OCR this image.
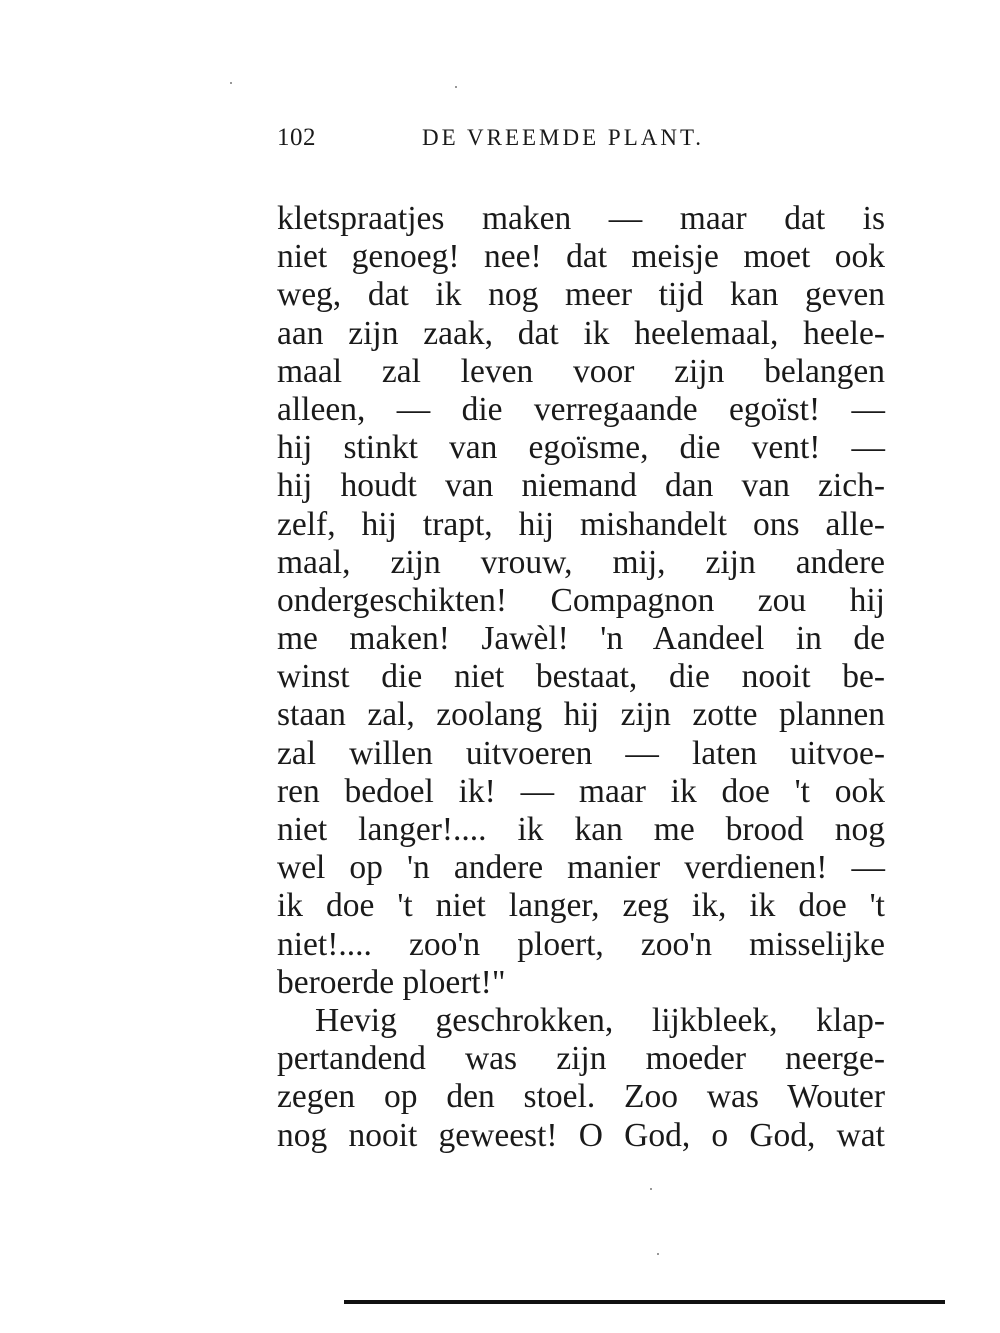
102	DE VREEMDE PLANT.
kletspraatjes maken — maar dat is
niet genoeg! nee! dat meisje moet ook
weg, dat ik nog meer tijd kan geven
aan zijn zaak, dat ik heelemaal, heele-
maal zal leven voor zijn belangen
alleen, — die verregaande egoïst! —
hij stinkt van egoïsme, die vent! —
hij houdt van niemand dan van zich-
zelf, hij trapt, hij mishandelt ons alle-
maal, zijn vrouw, mij, zijn andere
ondergeschikten! Compagnon zou hij
me maken! Jawèl! 'n Aandeel in de
winst die niet bestaat, die nooit be-
staan zal, zoolang hij zijn zotte plannen
zal willen uitvoeren — laten uitvoe-
ren bedoel ik! — maar ik doe 't ook
niet langer!.... ik kan me brood nog
wel op 'n andere manier verdienen! —
ik doe 't niet langer, zeg ik, ik doe 't
niet!.... zoo'n ploert, zoo'n misselijke
beroerde ploert!"
Hevig geschrokken, lijkbleek, klap-
pertandend was zijn moeder neerge-
zegen op den stoel. Zoo was Wouter
nog nooit geweest! O God, o God, wat
